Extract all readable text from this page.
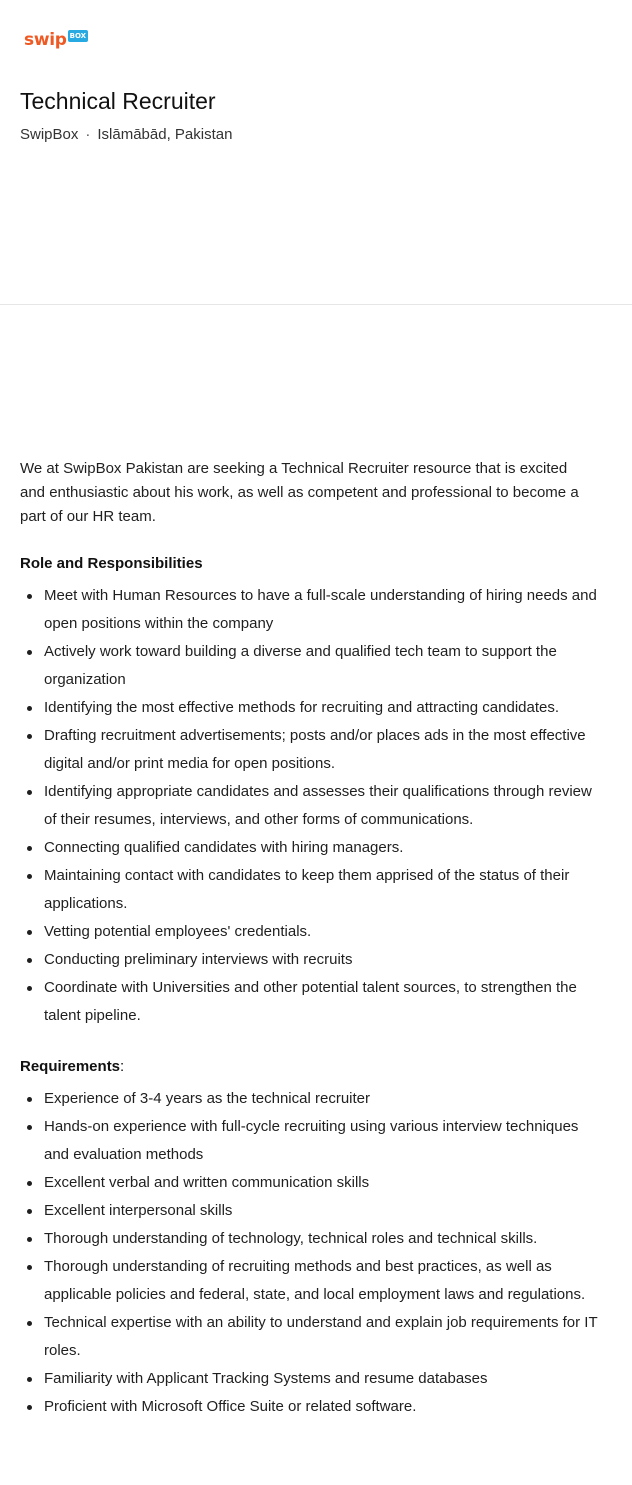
swip BOX
Technical Recruiter
SwipBox · Islāmābād, Pakistan

We at SwipBox Pakistan are seeking a Technical Recruiter resource that is excited and enthusiastic about his work, as well as competent and professional to become a part of our HR team.

Role and Responsibilities

Meet with Human Resources to have a full-scale understanding of hiring needs and open positions within the company
Actively work toward building a diverse and qualified tech team to support the organization
Identifying the most effective methods for recruiting and attracting candidates.
Drafting recruitment advertisements; posts and/or places ads in the most effective digital and/or print media for open positions.
Identifying appropriate candidates and assesses their qualifications through review of their resumes, interviews, and other forms of communications.
Connecting qualified candidates with hiring managers.
Maintaining contact with candidates to keep them apprised of the status of their applications.
Vetting potential employees' credentials.
Conducting preliminary interviews with recruits
Coordinate with Universities and other potential talent sources, to strengthen the talent pipeline.

Requirements:

Experience of 3-4 years as the technical recruiter
Hands-on experience with full-cycle recruiting using various interview techniques and evaluation methods
Excellent verbal and written communication skills
Excellent interpersonal skills
Thorough understanding of technology, technical roles and technical skills.
Thorough understanding of recruiting methods and best practices, as well as applicable policies and federal, state, and local employment laws and regulations.
Technical expertise with an ability to understand and explain job requirements for IT roles.
Familiarity with Applicant Tracking Systems and resume databases
Proficient with Microsoft Office Suite or related software.
